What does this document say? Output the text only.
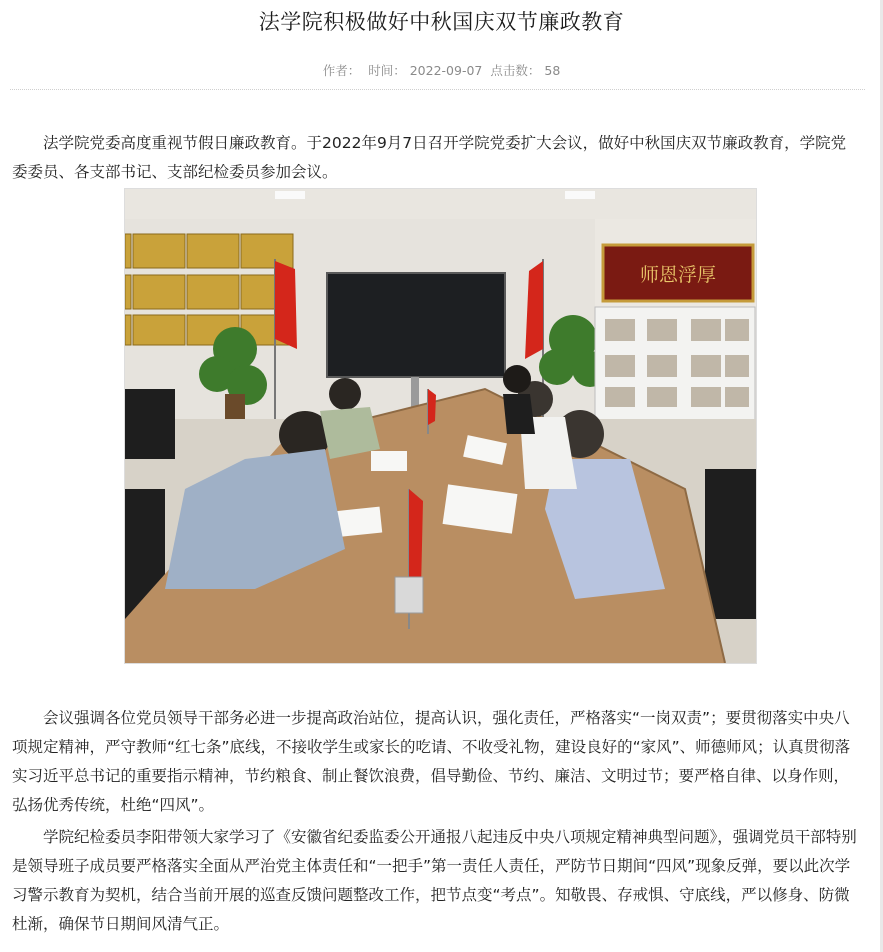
法学院积极做好中秋国庆双节廉政教育
作者： 时间： 2022-09-07 点击数： 58

法学院党委高度重视节假日廉政教育。于2022年9月7日召开学院党委扩大会议，做好中秋国庆双节廉政教育，学院党委委员、各支部书记、支部纪检委员参加会议。

师恩浮厚

会议强调各位党员领导干部务必进一步提高政治站位，提高认识，强化责任，严格落实“一岗双责”；要贯彻落实中央八项规定精神，严守教师“红七条”底线，不接收学生或家长的吃请、不收受礼物，建设良好的“家风”、师德师风；认真贯彻落实习近平总书记的重要指示精神，节约粮食、制止餐饮浪费，倡导勤俭、节约、廉洁、文明过节；要严格自律、以身作则，弘扬优秀传统，杜绝“四风”。

学院纪检委员李阳带领大家学习了《安徽省纪委监委公开通报八起违反中央八项规定精神典型问题》，强调党员干部特别是领导班子成员要严格落实全面从严治党主体责任和“一把手”第一责任人责任，严防节日期间“四风”现象反弹，要以此次学习警示教育为契机，结合当前开展的巡查反馈问题整改工作，把节点变“考点”。知敬畏、存戒惧、守底线，严以修身、防微杜渐，确保节日期间风清气正。
